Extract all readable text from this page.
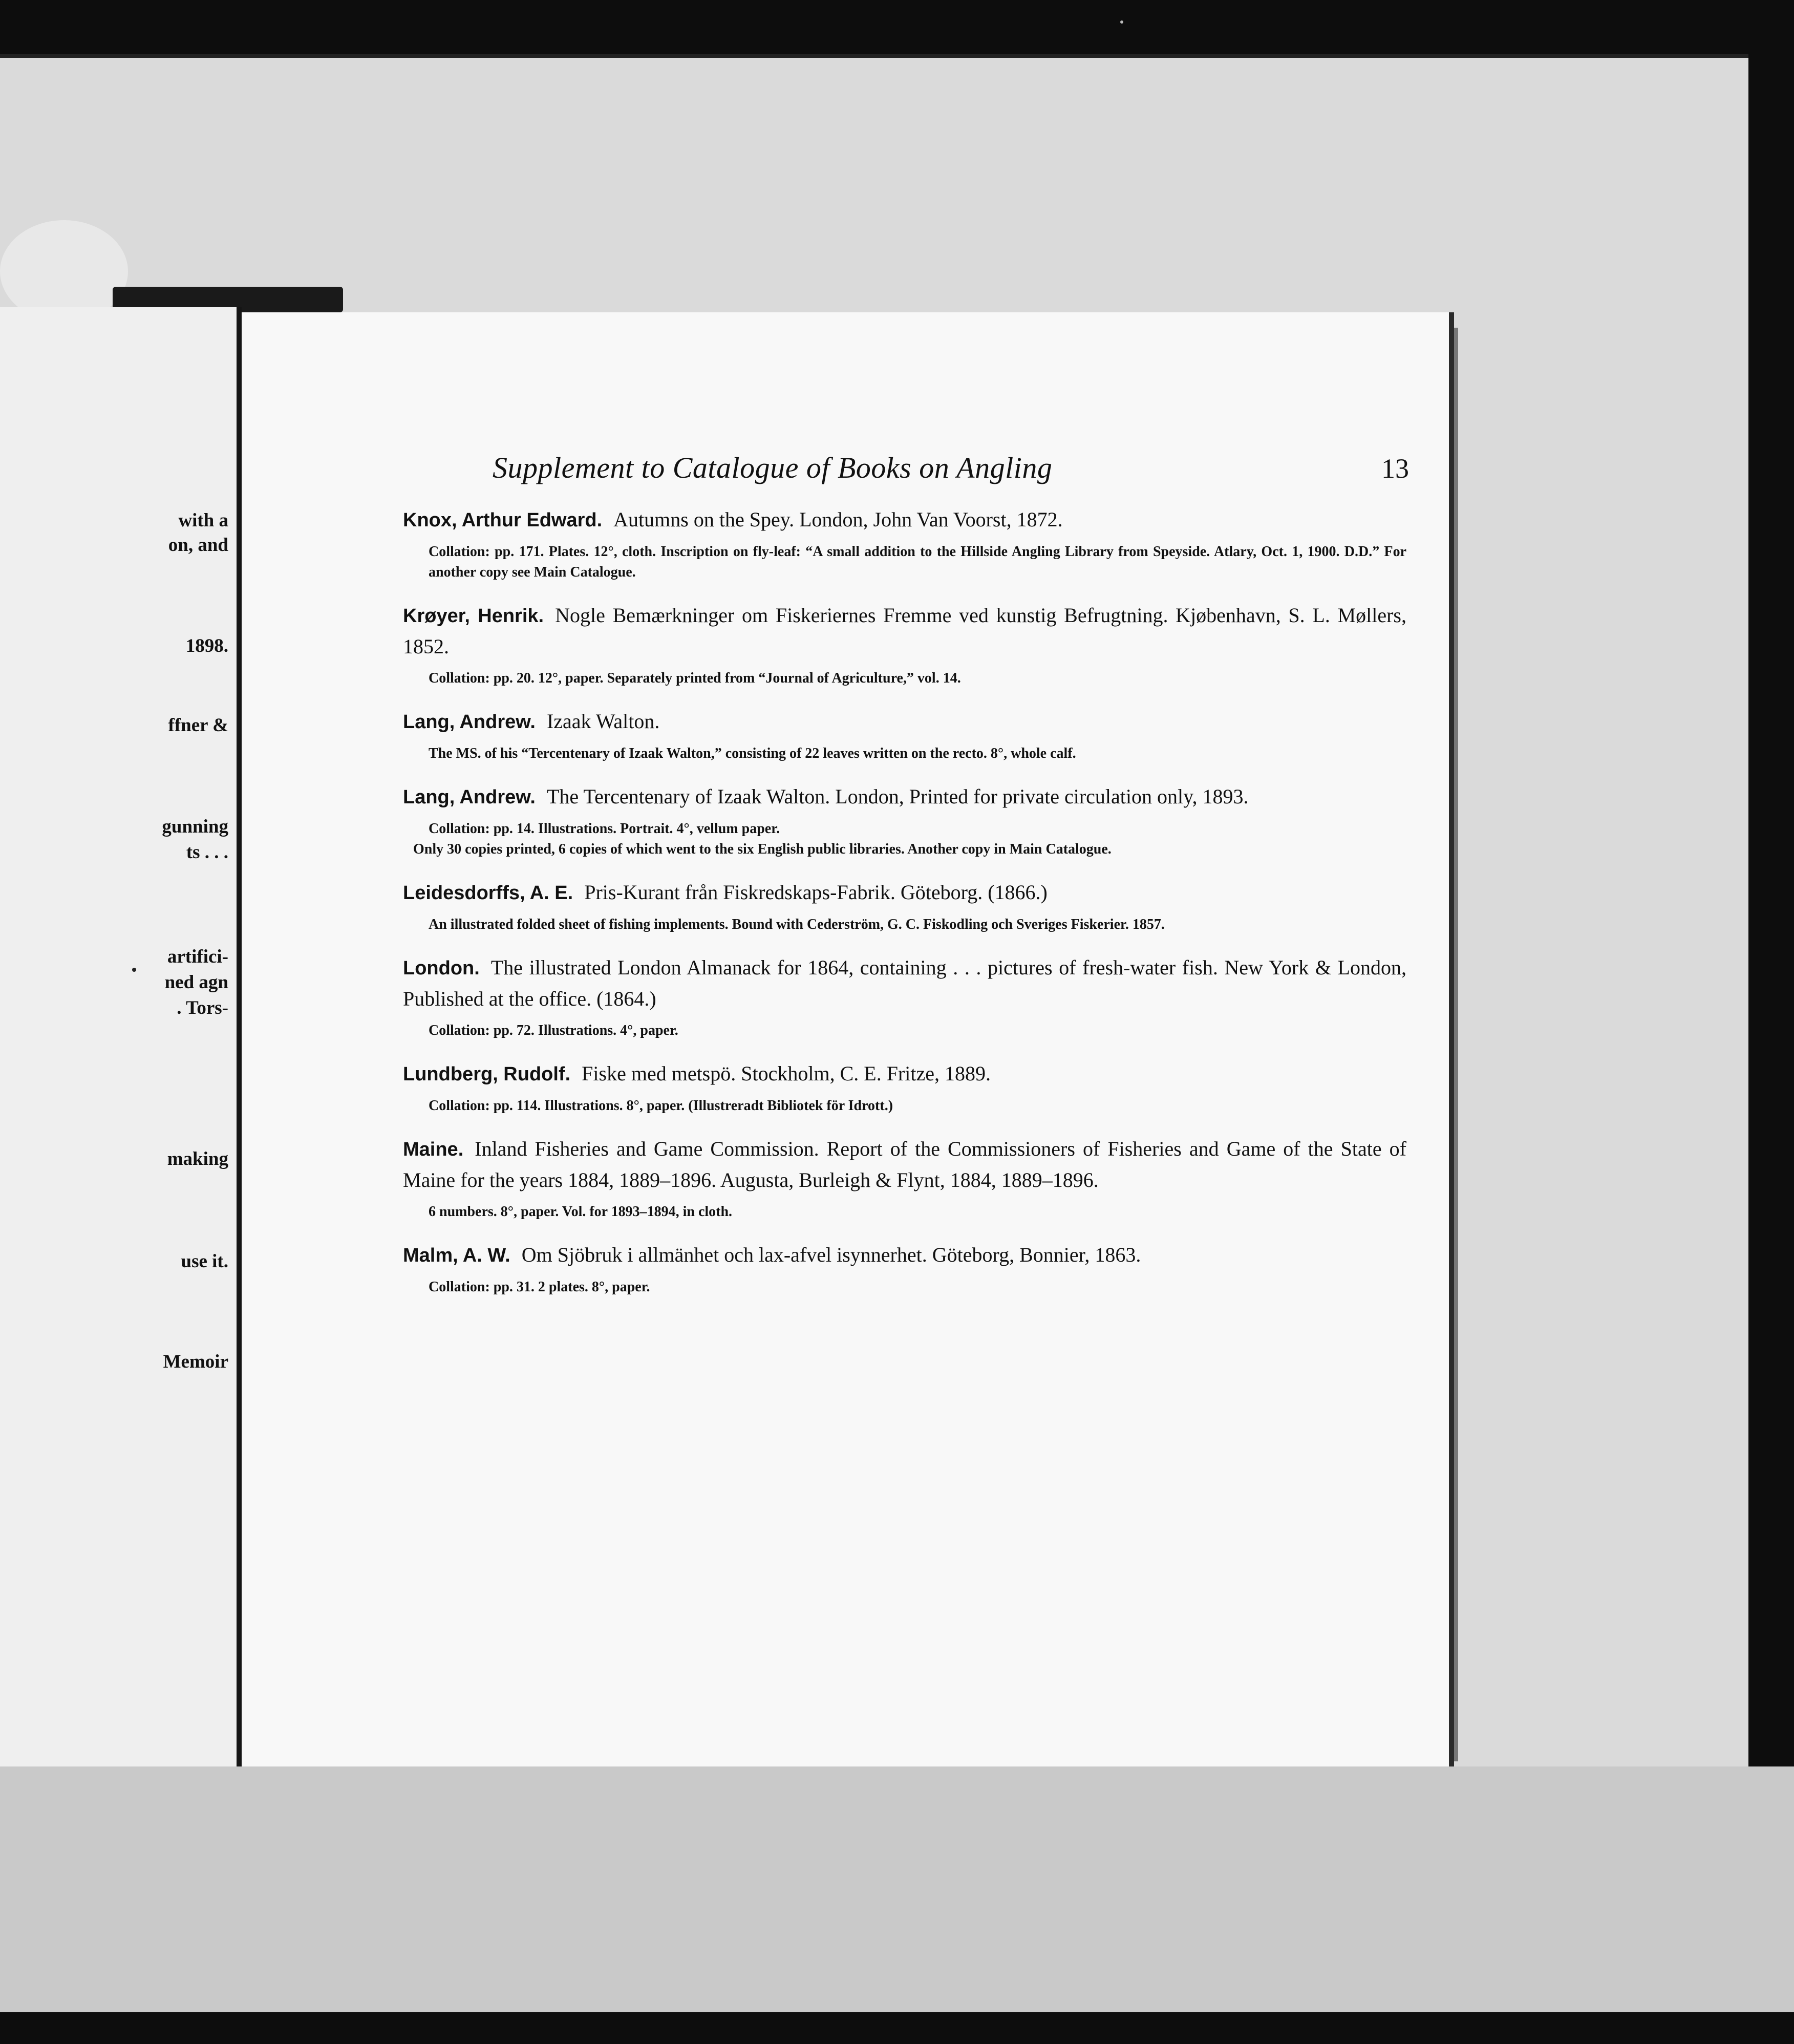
with a
on, and
1898.
ffner &
gunning
ts . . .
artifici-
ned agn
. Tors-
making
use it.
Memoir
Supplement to Catalogue of Books on Angling	13
Knox, Arthur Edward. Autumns on the Spey. London, John Van Voorst, 1872.
Collation: pp. 171. Plates. 12°, cloth. Inscription on fly-leaf: “A small addition to the Hillside Angling Library from Speyside. Atlary, Oct. 1, 1900. D.D.” For another copy see Main Catalogue.
Krøyer, Henrik. Nogle Bemærkninger om Fiskeriernes Fremme ved kunstig Befrugtning. Kjøbenhavn, S. L. Møllers, 1852.
Collation: pp. 20. 12°, paper. Separately printed from “Journal of Agriculture,” vol. 14.
Lang, Andrew. Izaak Walton.
The MS. of his “Tercentenary of Izaak Walton,” consisting of 22 leaves written on the recto. 8°, whole calf.
Lang, Andrew. The Tercentenary of Izaak Walton. London, Printed for private circulation only, 1893.
Collation: pp. 14. Illustrations. Portrait. 4°, vellum paper.
Only 30 copies printed, 6 copies of which went to the six English public libraries. Another copy in Main Catalogue.
Leidesdorffs, A. E. Pris-Kurant från Fiskredskaps-Fabrik. Göteborg. (1866.)
An illustrated folded sheet of fishing implements. Bound with Cederström, G. C. Fiskodling och Sveriges Fiskerier. 1857.
London. The illustrated London Almanack for 1864, containing . . . pictures of fresh-water fish. New York & London, Published at the office. (1864.)
Collation: pp. 72. Illustrations. 4°, paper.
Lundberg, Rudolf. Fiske med metspö. Stockholm, C. E. Fritze, 1889.
Collation: pp. 114. Illustrations. 8°, paper. (Illustreradt Bibliotek för Idrott.)
Maine. Inland Fisheries and Game Commission. Report of the Commissioners of Fisheries and Game of the State of Maine for the years 1884, 1889–1896. Augusta, Burleigh & Flynt, 1884, 1889–1896.
6 numbers. 8°, paper. Vol. for 1893–1894, in cloth.
Malm, A. W. Om Sjöbruk i allmänhet och lax-afvel isynnerhet. Göteborg, Bonnier, 1863.
Collation: pp. 31. 2 plates. 8°, paper.
